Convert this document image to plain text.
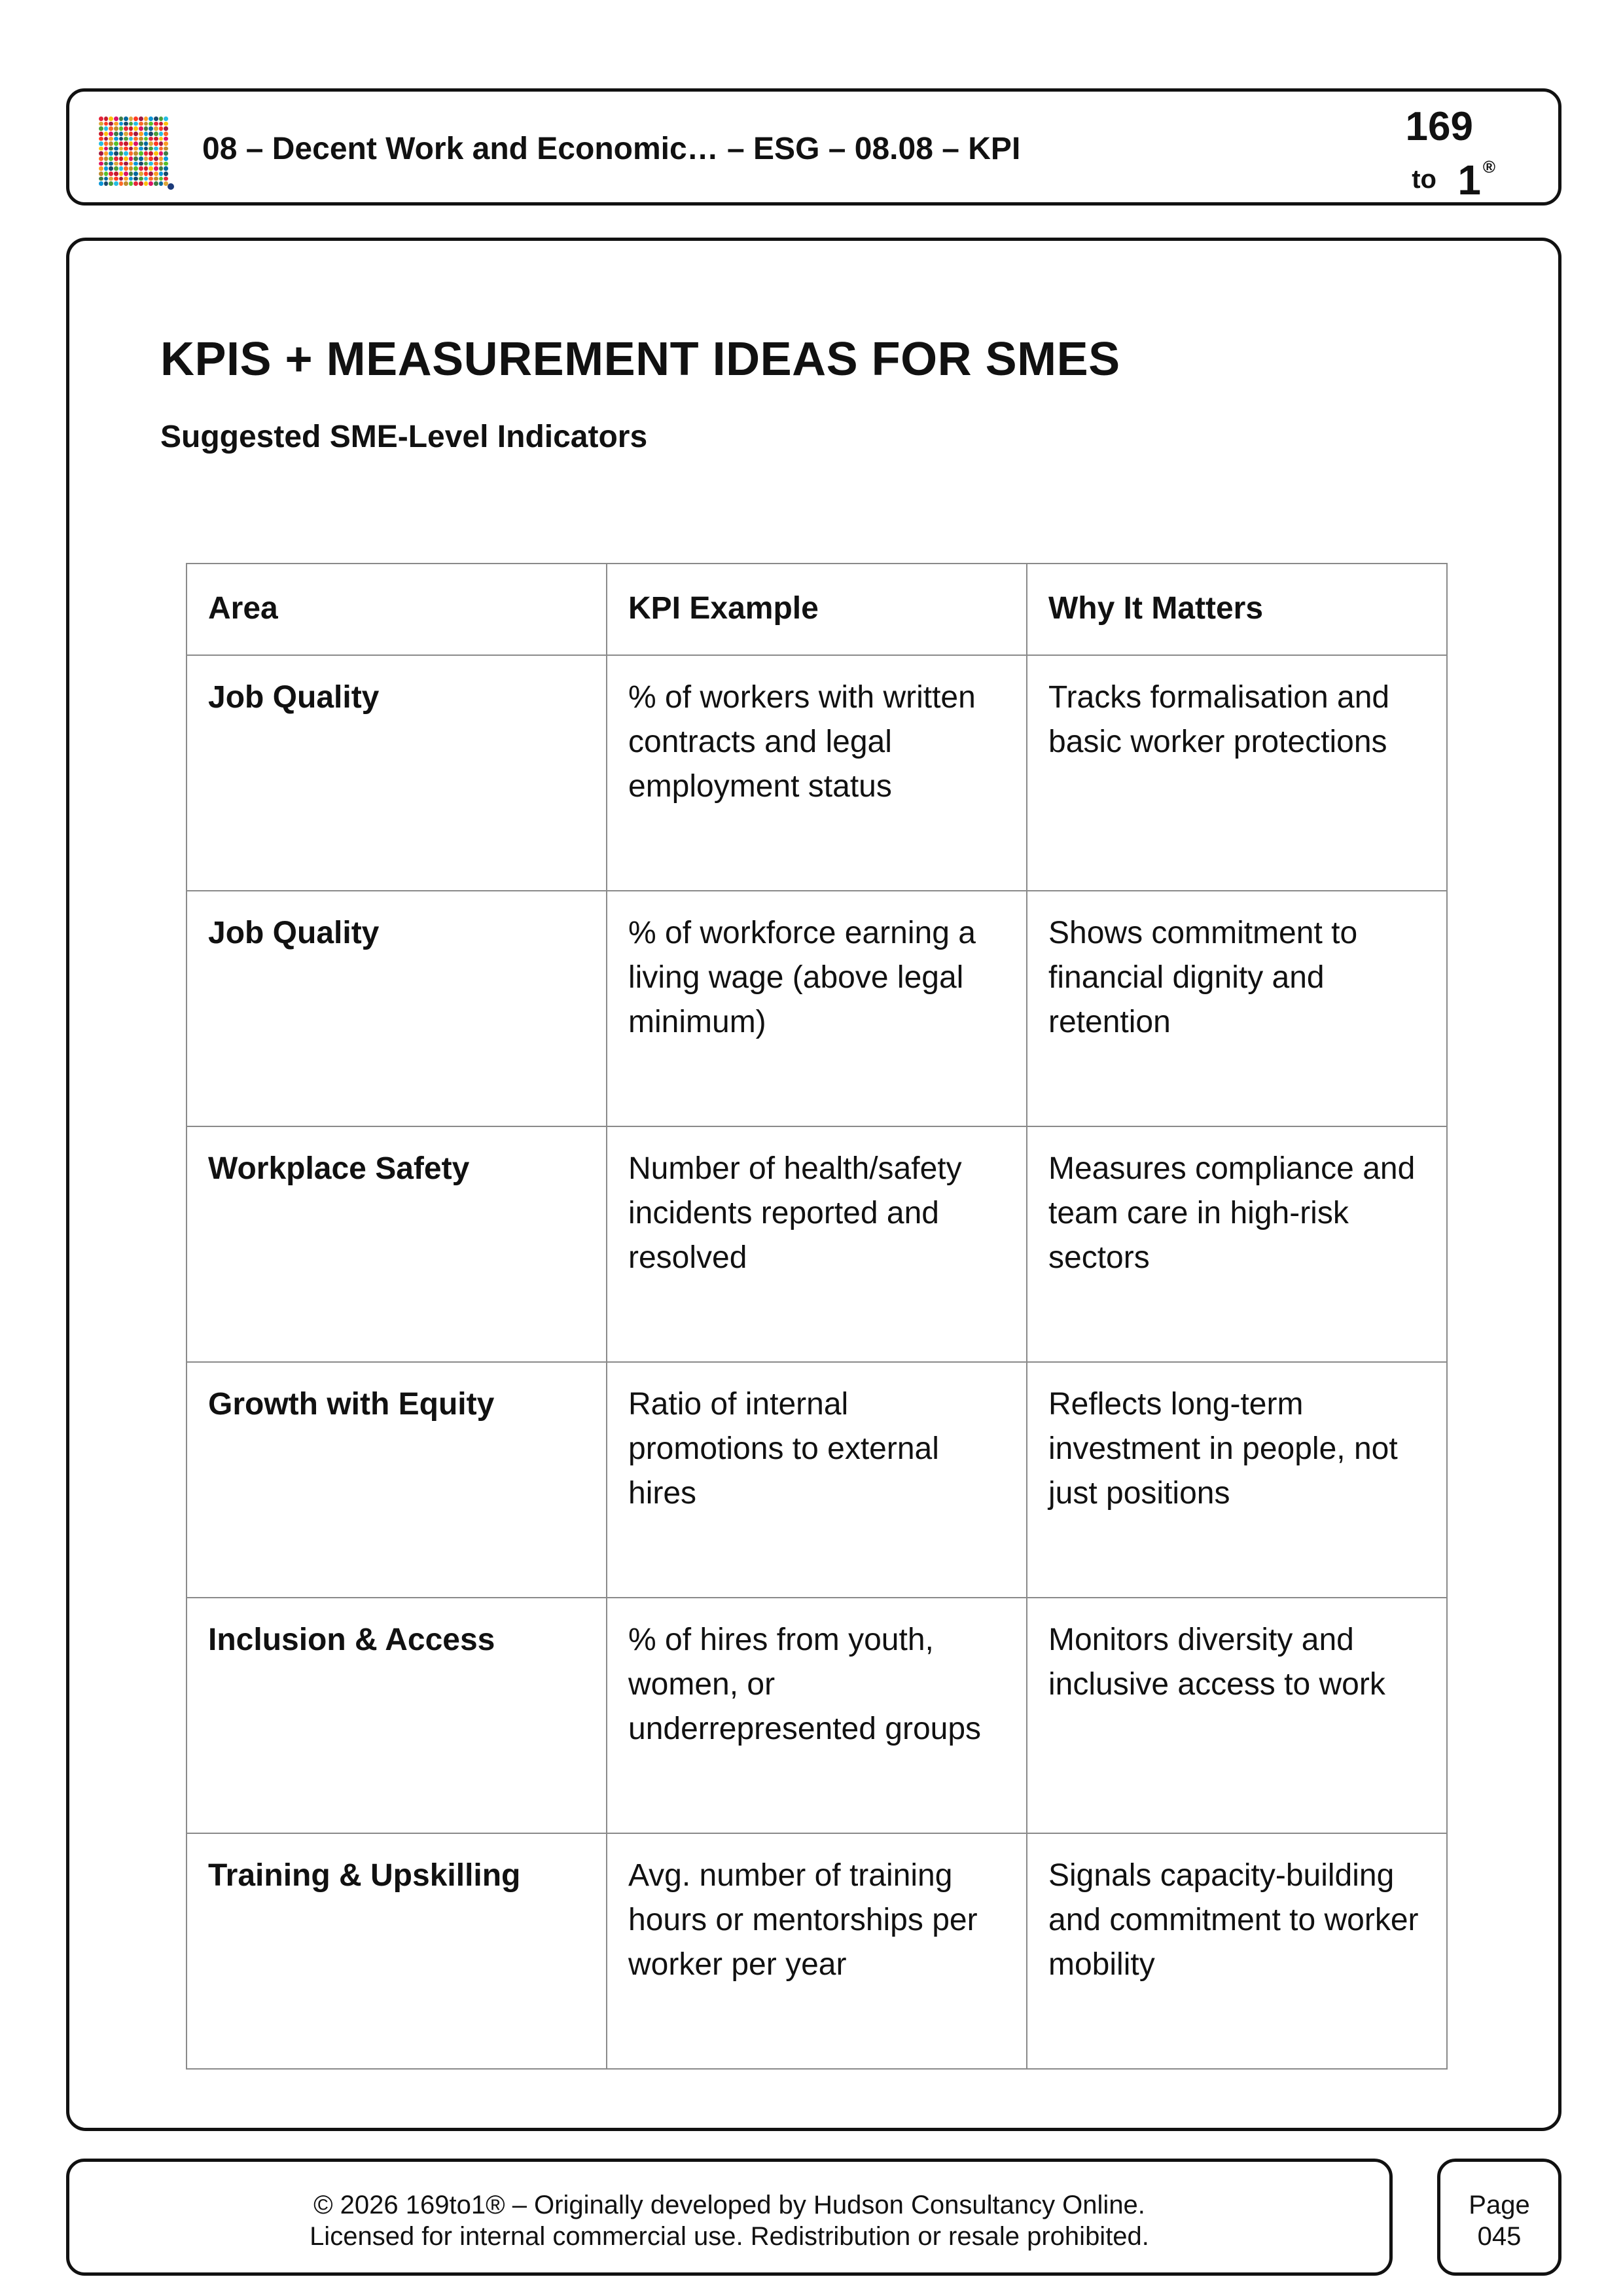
08 – Decent Work and Economic… – ESG – 08.08 – KPI	169
to 1 ®
KPIS + MEASUREMENT IDEAS FOR SMES
Suggested SME-Level Indicators
Area	KPI Example	Why It Matters
Job Quality	% of workers with written contracts and legal employment status	Tracks formalisation and basic worker protections
Job Quality	% of workforce earning a living wage (above legal minimum)	Shows commitment to financial dignity and retention
Workplace Safety	Number of health/safety incidents reported and resolved	Measures compliance and team care in high-risk sectors
Growth with Equity	Ratio of internal promotions to external hires	Reflects long-term investment in people, not just positions
Inclusion & Access	% of hires from youth, women, or underrepresented groups	Monitors diversity and inclusive access to work
Training & Upskilling	Avg. number of training hours or mentorships per worker per year	Signals capacity-building and commitment to worker mobility
© 2026 169to1® – Originally developed by Hudson Consultancy Online.
Licensed for internal commercial use. Redistribution or resale prohibited.
Page
045
